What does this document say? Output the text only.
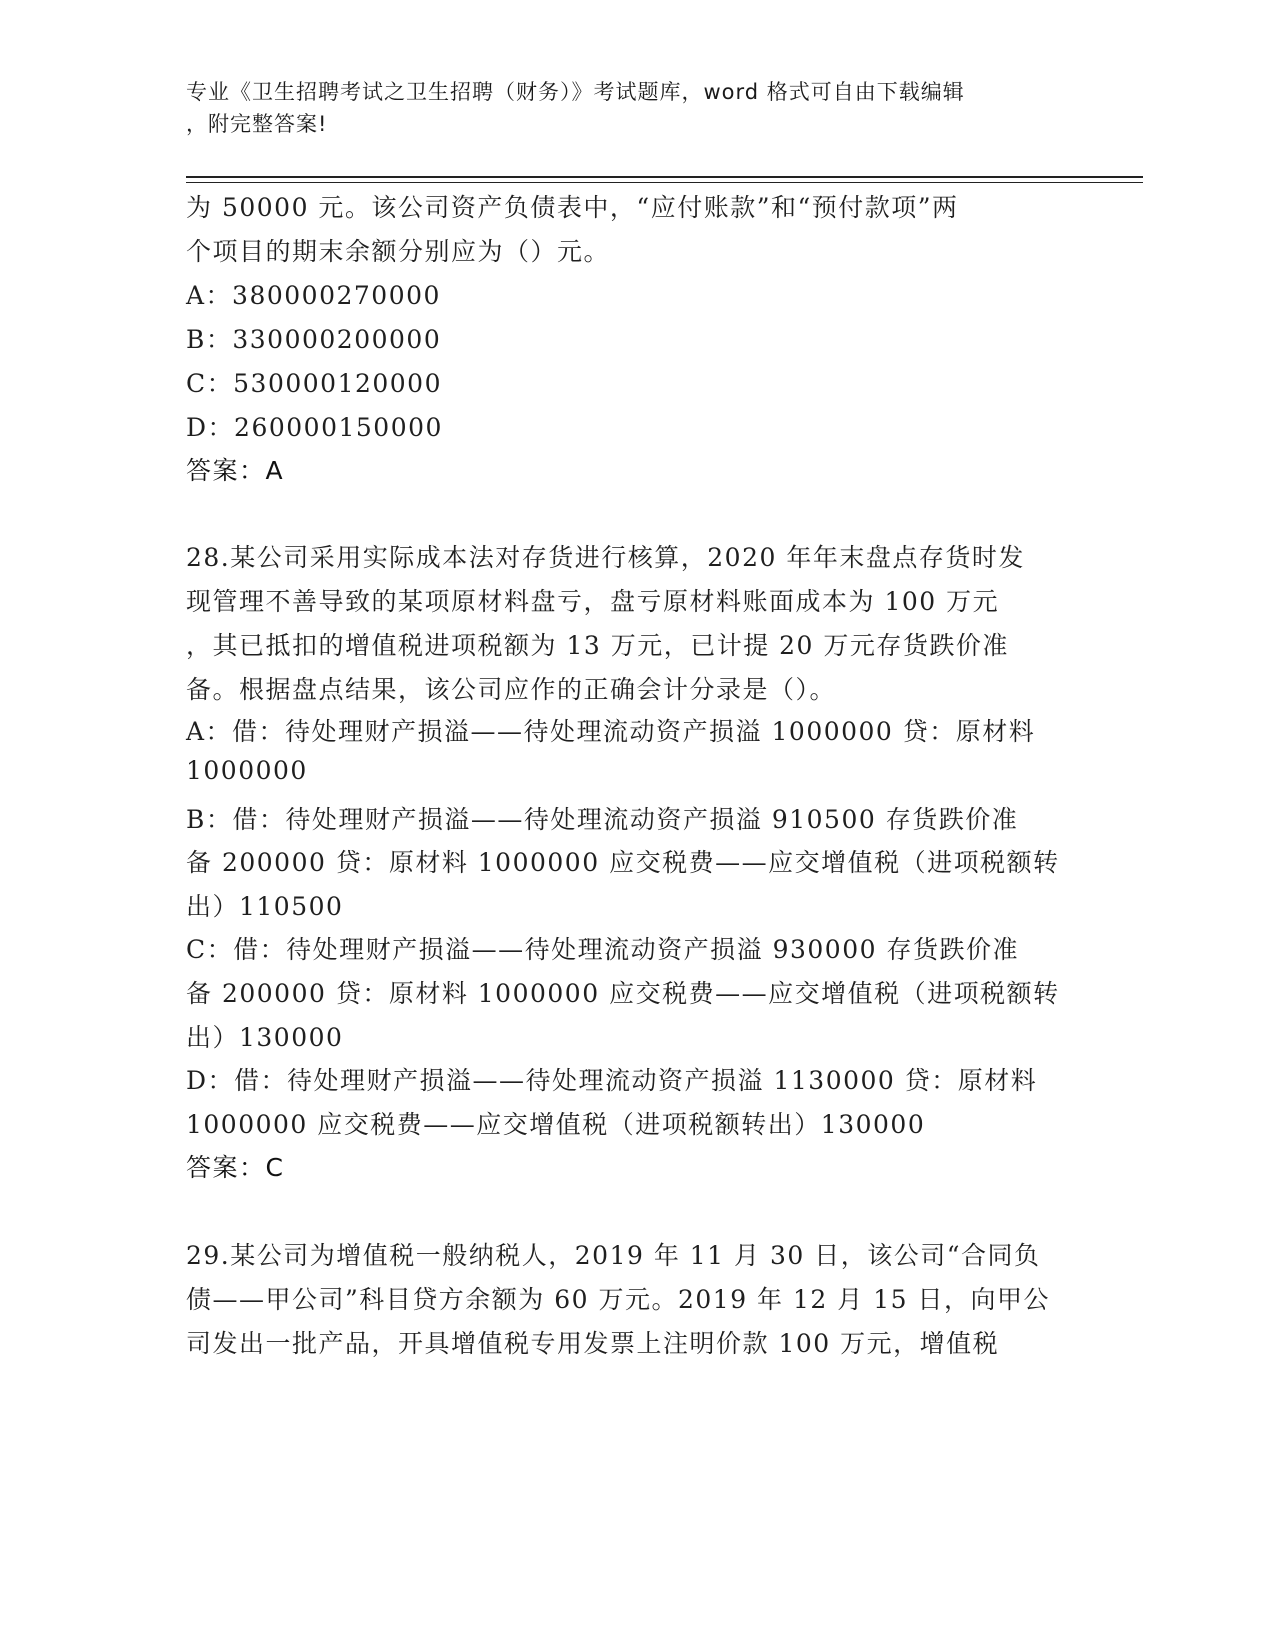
专业《卫生招聘考试之卫生招聘（财务）》考试题库，word 格式可自由下载编辑
，附完整答案!
为 50000 元。该公司资产负债表中，“应付账款”和“预付款项”两
个项目的期末余额分别应为（）元。
A：380000270000
B：330000200000
C：530000120000
D：260000150000
答案：A
28.某公司采用实际成本法对存货进行核算，2020 年年末盘点存货时发
现管理不善导致的某项原材料盘亏，盘亏原材料账面成本为 100 万元
，其已抵扣的增值税进项税额为 13 万元，已计提 20 万元存货跌价准
备。根据盘点结果，该公司应作的正确会计分录是（）。
A：借：待处理财产损溢——待处理流动资产损溢 1000000 贷：原材料
1000000
B：借：待处理财产损溢——待处理流动资产损溢 910500 存货跌价准
备 200000 贷：原材料 1000000 应交税费——应交增值税（进项税额转
出）110500
C：借：待处理财产损溢——待处理流动资产损溢 930000 存货跌价准
备 200000 贷：原材料 1000000 应交税费——应交增值税（进项税额转
出）130000
D：借：待处理财产损溢——待处理流动资产损溢 1130000 贷：原材料
1000000 应交税费——应交增值税（进项税额转出）130000
答案：C
29.某公司为增值税一般纳税人，2019 年 11 月 30 日，该公司“合同负
债——甲公司”科目贷方余额为 60 万元。2019 年 12 月 15 日，向甲公
司发出一批产品，开具增值税专用发票上注明价款 100 万元，增值税
